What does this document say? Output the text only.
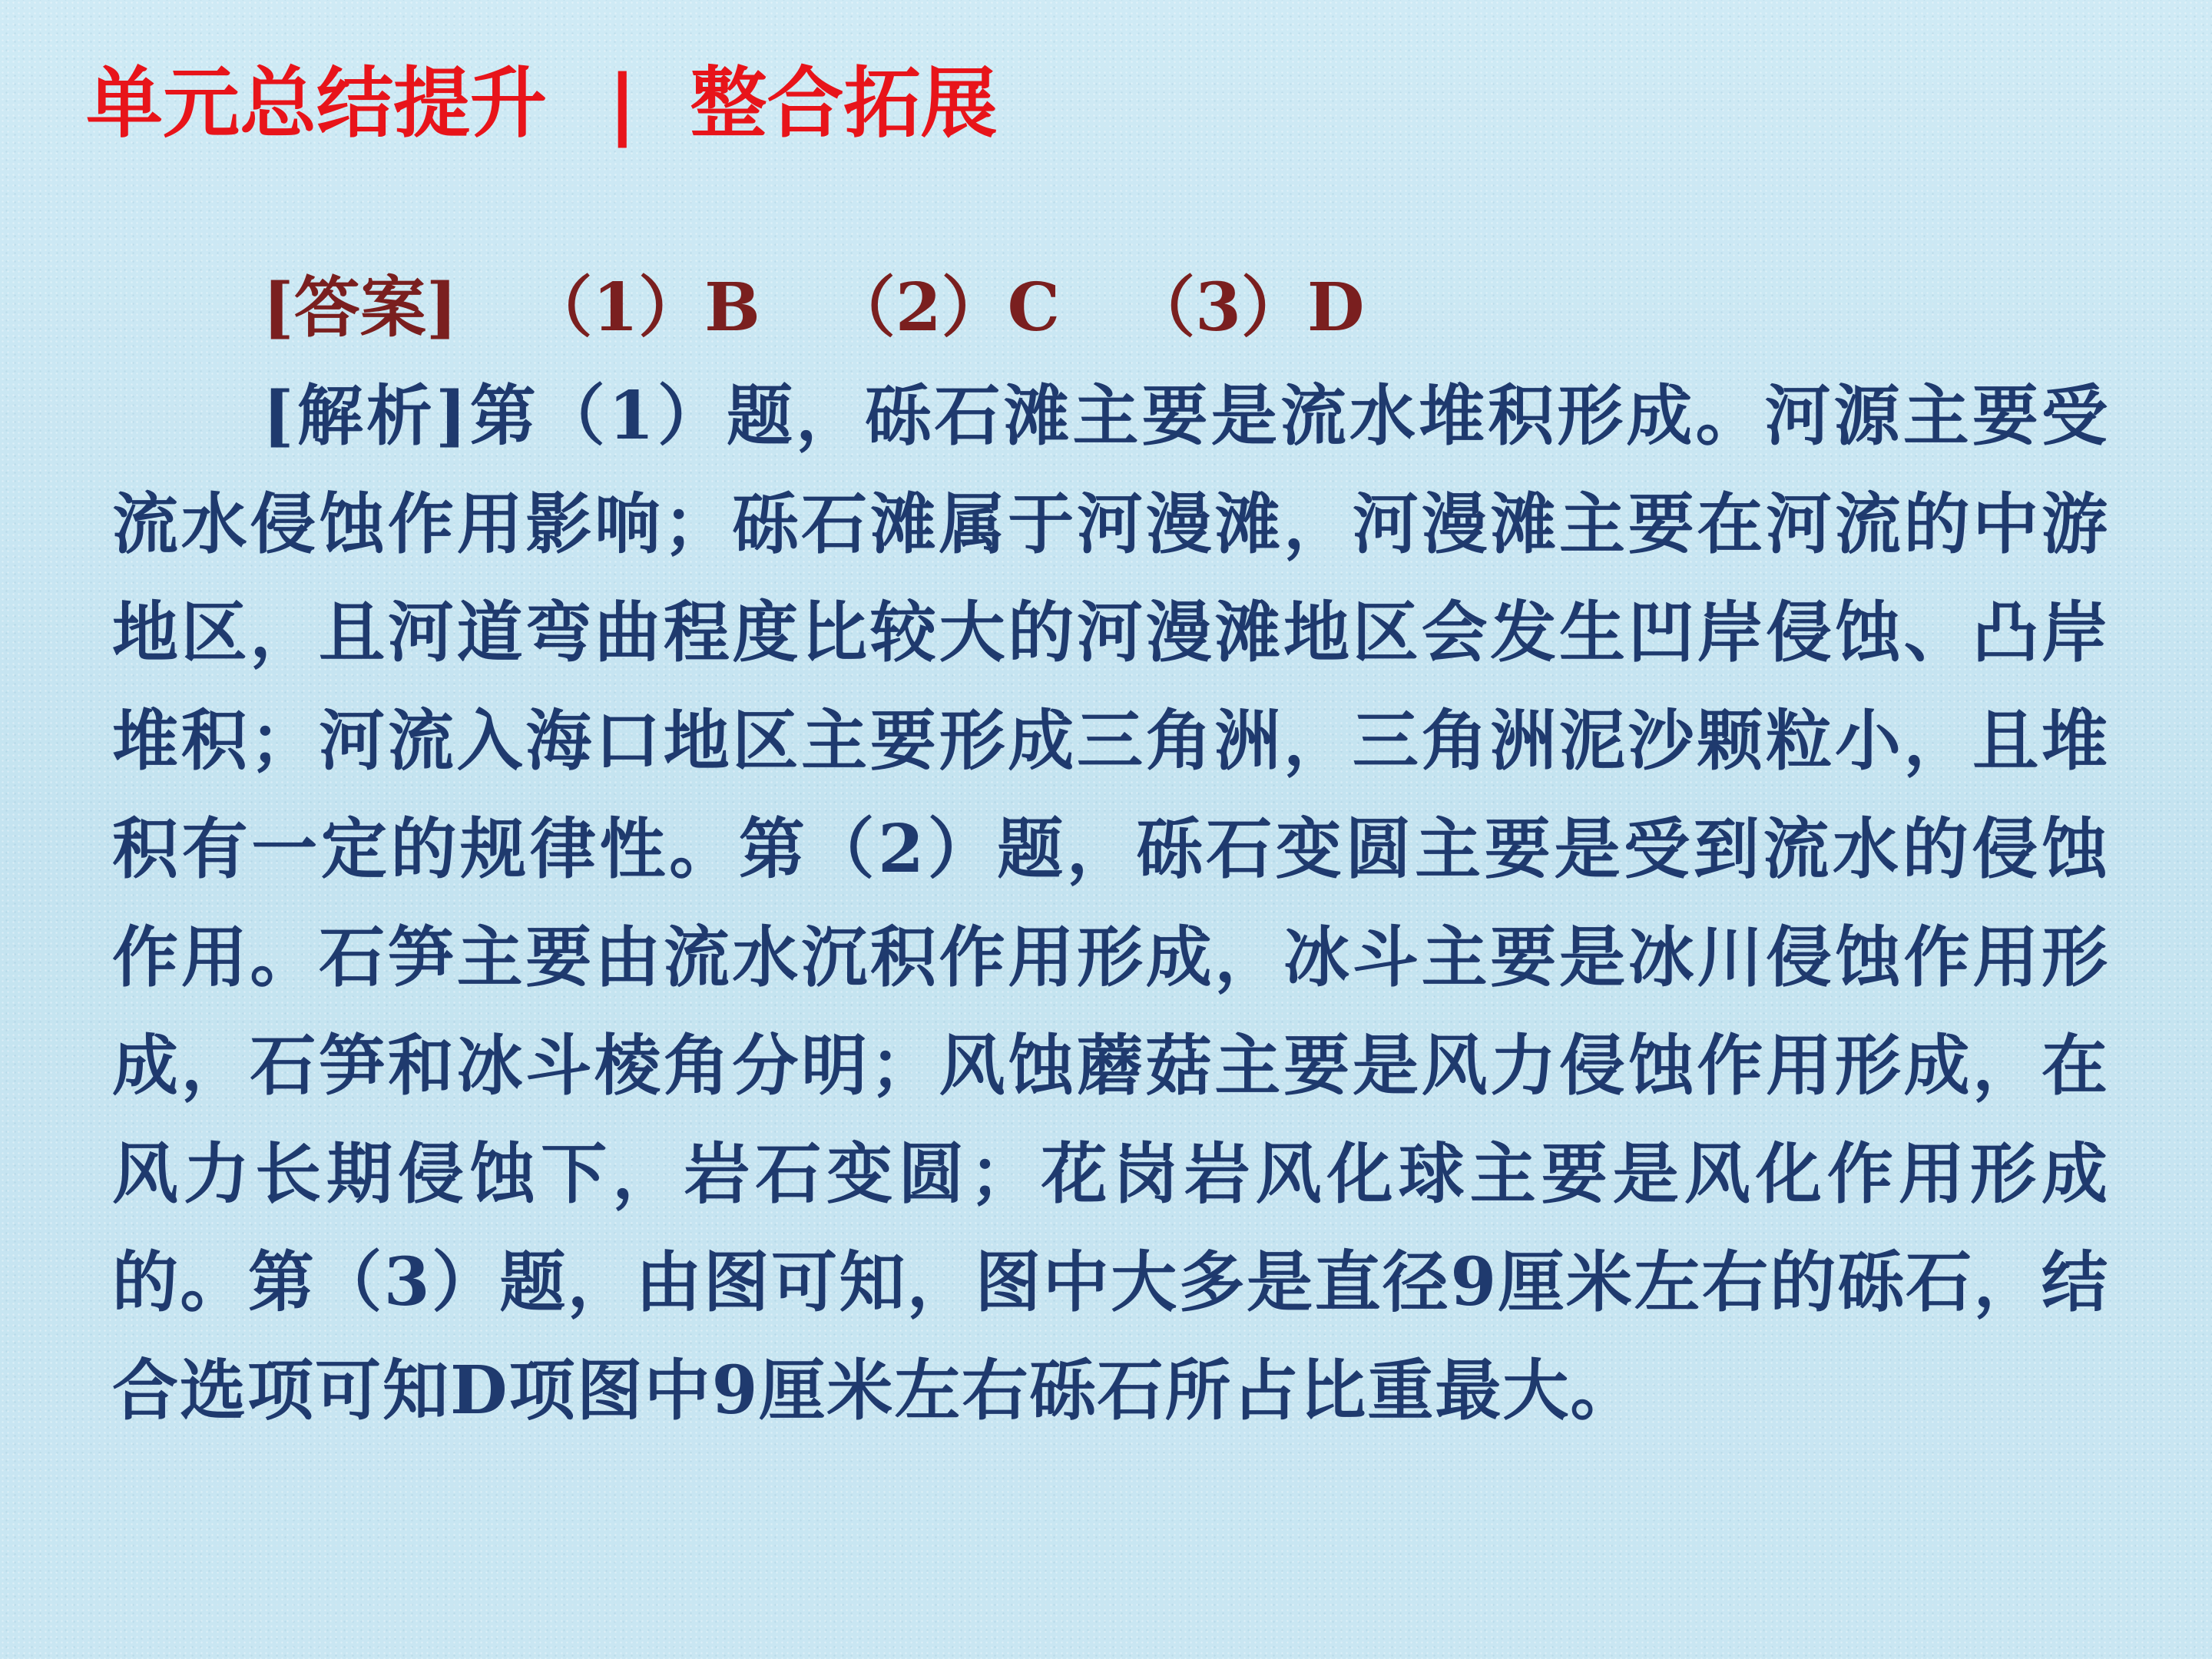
单元总结提升 | 整合拓展
[答案] （1）B （2）C （3）D
[解析]第（1）题，砾石滩主要是流水堆积形成。河源主要受流水侵蚀作用影响；砾石滩属于河漫滩，河漫滩主要在河流的中游地区，且河道弯曲程度比较大的河漫滩地区会发生凹岸侵蚀、凸岸堆积；河流入海口地区主要形成三角洲，三角洲泥沙颗粒小，且堆积有一定的规律性。第（2）题，砾石变圆主要是受到流水的侵蚀作用。石笋主要由流水沉积作用形成，冰斗主要是冰川侵蚀作用形成，石笋和冰斗棱角分明；风蚀蘑菇主要是风力侵蚀作用形成，在风力长期侵蚀下，岩石变圆；花岗岩风化球主要是风化作用形成的。第（3）题，由图可知，图中大多是直径9厘米左右的砾石，结合选项可知D项图中9厘米左右砾石所占比重最大。
